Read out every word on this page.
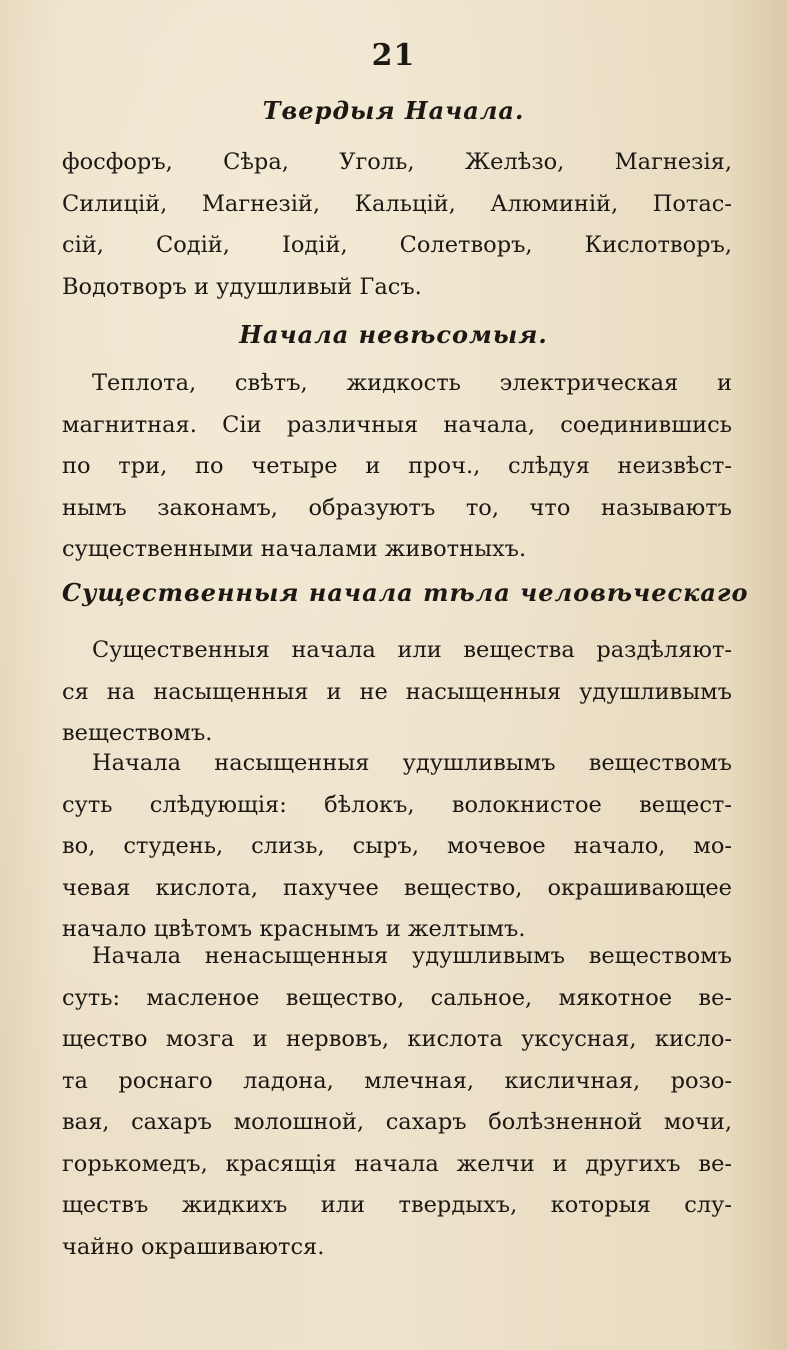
21
Твердыя Начала.
фосфоръ, Сѣра, Уголь, Желѣзо, Магнезія,
Силицій, Магнезій, Кальцій, Алюминій, Потас-
сій, Содій, Іодій, Солетворъ, Кислотворъ,
Водотворъ и удушливый Гасъ.
Начала невѣсомыя.
Теплота, свѣтъ, жидкость электрическая и
магнитная. Сіи различныя начала, соединившись
по три, по четыре и проч., слѣдуя неизвѣст-
нымъ законамъ, образуютъ то, что называютъ
существенными началами животныхъ.
Существенныя начала тѣла человѣческаго
Существенныя начала или вещества раздѣляют-
ся на насыщенныя и не насыщенныя удушливымъ
веществомъ.
Начала насыщенныя удушливымъ веществомъ
суть слѣдующія: бѣлокъ, волокнистое вещест-
во, студень, слизь, сыръ, мочевое начало, мо-
чевая кислота, пахучее вещество, окрашивающее
начало цвѣтомъ краснымъ и желтымъ.
Начала ненасыщенныя удушливымъ веществомъ
суть: масленое вещество, сальное, мякотное ве-
щество мозга и нервовъ, кислота уксусная, кисло-
та роснаго ладона, млечная, кисличная, розо-
вая, сахаръ молошной, сахаръ болѣзненной мочи,
горькомедъ, красящія начала желчи и другихъ ве-
ществъ жидкихъ или твердыхъ, которыя слу-
чайно окрашиваются.
